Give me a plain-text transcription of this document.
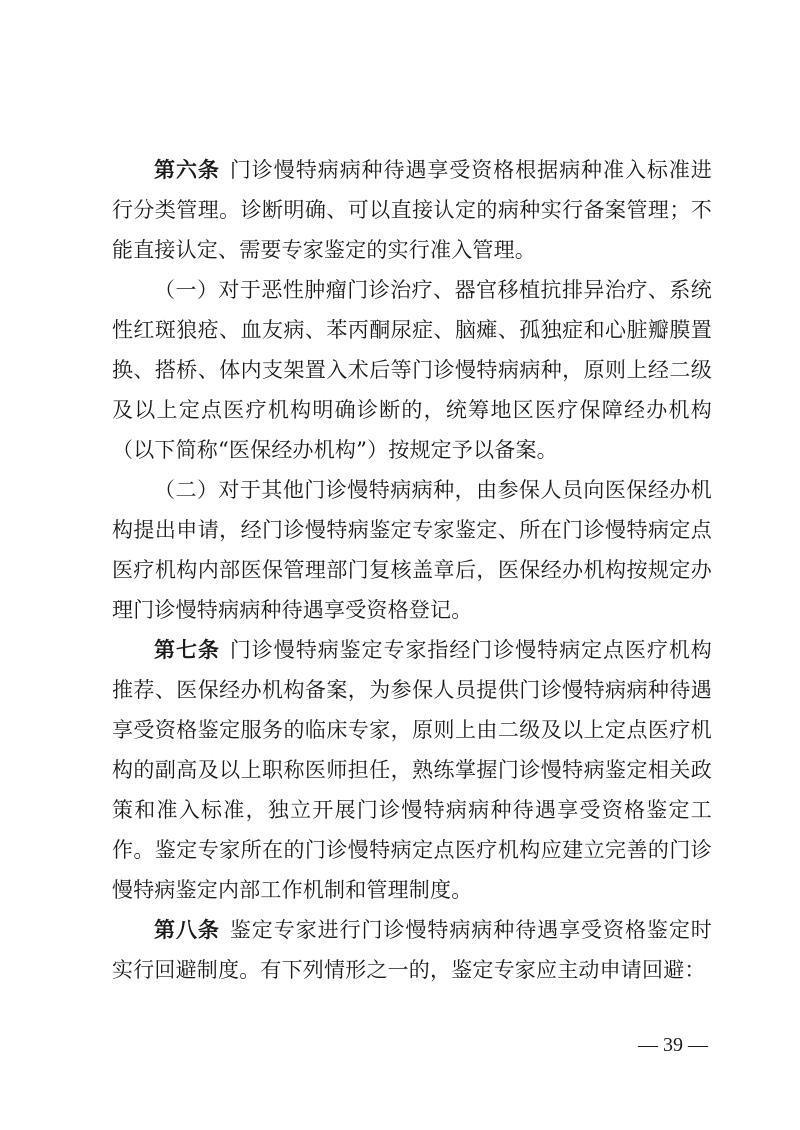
第六条 门诊慢特病病种待遇享受资格根据病种准入标准进行分类管理。诊断明确、可以直接认定的病种实行备案管理；不能直接认定、需要专家鉴定的实行准入管理。

（一）对于恶性肿瘤门诊治疗、器官移植抗排异治疗、系统性红斑狼疮、血友病、苯丙酮尿症、脑瘫、孤独症和心脏瓣膜置换、搭桥、体内支架置入术后等门诊慢特病病种，原则上经二级及以上定点医疗机构明确诊断的，统筹地区医疗保障经办机构（以下简称“医保经办机构”）按规定予以备案。

（二）对于其他门诊慢特病病种，由参保人员向医保经办机构提出申请，经门诊慢特病鉴定专家鉴定、所在门诊慢特病定点医疗机构内部医保管理部门复核盖章后，医保经办机构按规定办理门诊慢特病病种待遇享受资格登记。

第七条 门诊慢特病鉴定专家指经门诊慢特病定点医疗机构推荐、医保经办机构备案，为参保人员提供门诊慢特病病种待遇享受资格鉴定服务的临床专家，原则上由二级及以上定点医疗机构的副高及以上职称医师担任，熟练掌握门诊慢特病鉴定相关政策和准入标准，独立开展门诊慢特病病种待遇享受资格鉴定工作。鉴定专家所在的门诊慢特病定点医疗机构应建立完善的门诊慢特病鉴定内部工作机制和管理制度。

第八条 鉴定专家进行门诊慢特病病种待遇享受资格鉴定时实行回避制度。有下列情形之一的，鉴定专家应主动申请回避：

— 39 —
